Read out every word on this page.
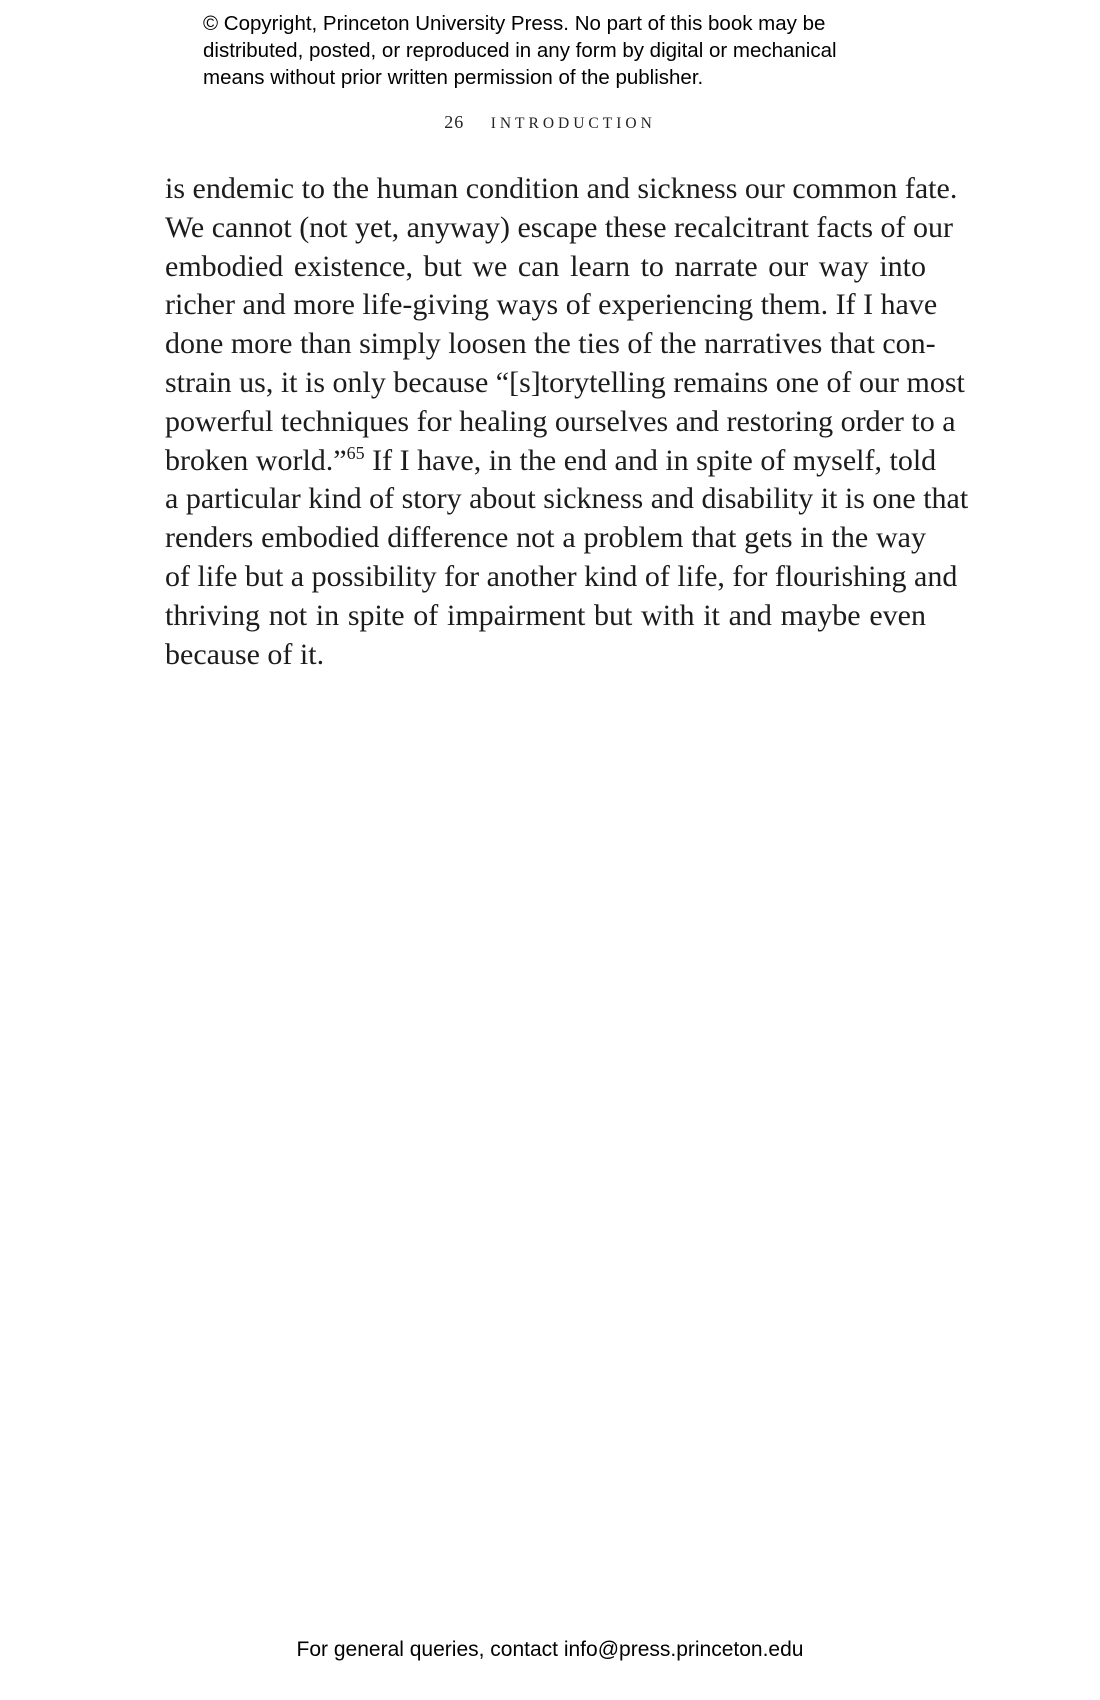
© Copyright, Princeton University Press. No part of this book may be
distributed, posted, or reproduced in any form by digital or mechanical
means without prior written permission of the publisher.
26 INTRODUCTION
is endemic to the human condition and sickness our common fate.
We cannot (not yet, anyway) escape these recalcitrant facts of our
embodied existence, but we can learn to narrate our way into
richer and more life-giving ways of experiencing them. If I have
done more than simply loosen the ties of the narratives that con-
strain us, it is only because “[s]torytelling remains one of our most
powerful techniques for healing ourselves and restoring order to a
broken world.”$^{65}$ If I have, in the end and in spite of myself, told
a particular kind of story about sickness and disability it is one that
renders embodied difference not a problem that gets in the way
of life but a possibility for another kind of life, for flourishing and
thriving not in spite of impairment but with it and maybe even
because of it.
For general queries, contact info@press.princeton.edu
